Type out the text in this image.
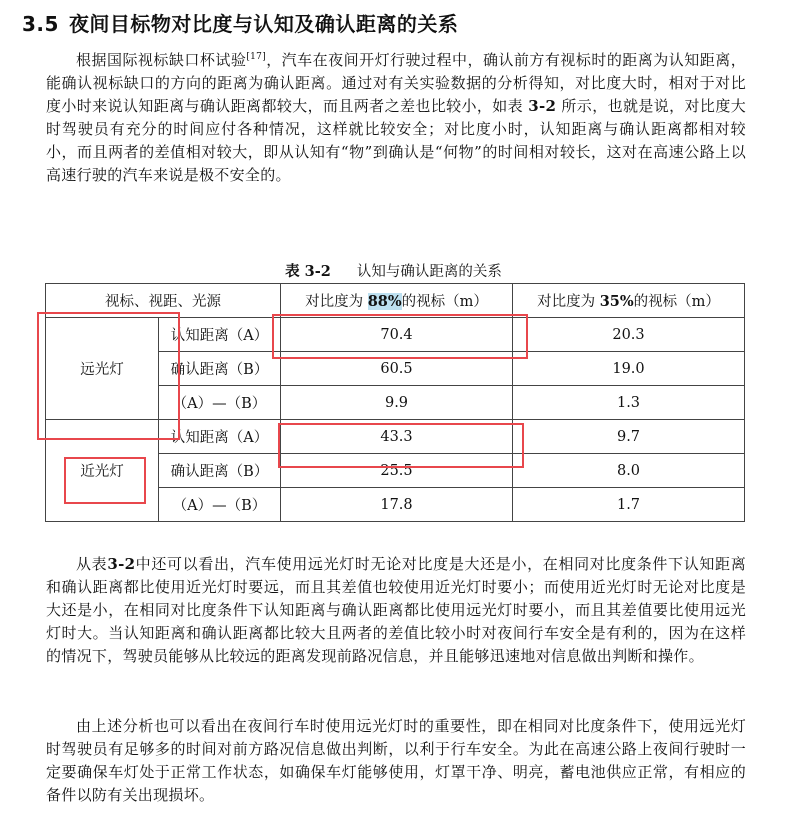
3.5 夜间目标物对比度与认知及确认距离的关系

根据国际视标缺口杯试验[17]，汽车在夜间开灯行驶过程中，确认前方有视标时的距离为认知距离，能确认视标缺口的方向的距离为确认距离。通过对有关实验数据的分析得知，对比度大时，相对于对比度小时来说认知距离与确认距离都较大，而且两者之差也比较小，如表 3-2 所示，也就是说，对比度大时驾驶员有充分的时间应付各种情况，这样就比较安全；对比度小时，认知距离与确认距离都相对较小，而且两者的差值相对较大，即从认知有“物”到确认是“何物”的时间相对较长，这对在高速公路上以高速行驶的汽车来说是极不安全的。

表 3-2 认知与确认距离的关系
视标、视距、光源		对比度为 88%的视标（m）	对比度为 35%的视标（m）
远光灯	认知距离（A）	70.4	20.3
	确认距离（B）	60.5	19.0
	（A）—（B）	9.9	1.3
近光灯	认知距离（A）	43.3	9.7
	确认距离（B）	25.5	8.0
	（A）—（B）	17.8	1.7

从表3-2中还可以看出，汽车使用远光灯时无论对比度是大还是小，在相同对比度条件下认知距离和确认距离都比使用近光灯时要远，而且其差值也较使用近光灯时要小；而使用近光灯时无论对比度是大还是小，在相同对比度条件下认知距离与确认距离都比使用远光灯时要小，而且其差值要比使用远光灯时大。当认知距离和确认距离都比较大且两者的差值比较小时对夜间行车安全是有利的，因为在这样的情况下，驾驶员能够从比较远的距离发现前路况信息，并且能够迅速地对信息做出判断和操作。

由上述分析也可以看出在夜间行车时使用远光灯时的重要性，即在相同对比度条件下，使用远光灯时驾驶员有足够多的时间对前方路况信息做出判断，以利于行车安全。为此在高速公路上夜间行驶时一定要确保车灯处于正常工作状态，如确保车灯能够使用，灯罩干净、明亮，蓄电池供应正常，有相应的备件以防有关出现损坏。
